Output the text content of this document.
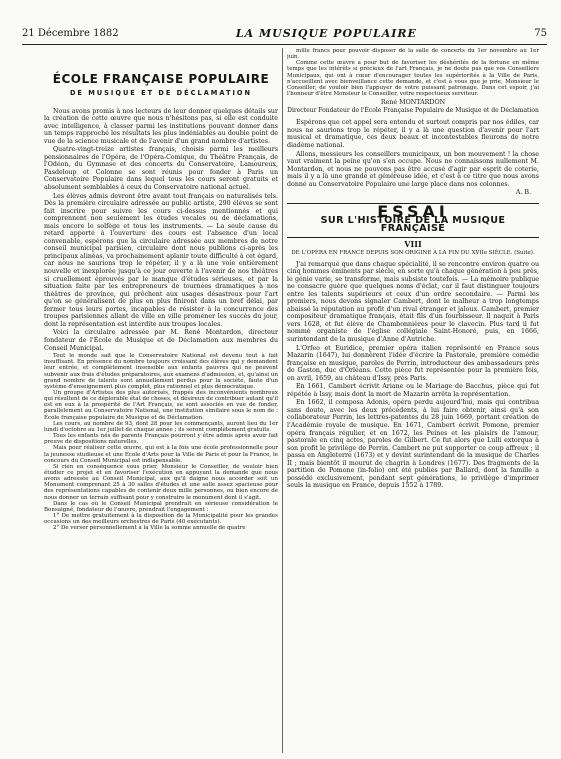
21 Décembre 1882	LA MUSIQUE POPULAIRE	75
ÉCOLE FRANÇAISE POPULAIRE
DE MUSIQUE ET DE DÉCLAMATION

Nous avons promis à nos lecteurs de leur donner quelques détails sur la création de cette œuvre que nous n'hésitons pas, si elle est conduite avec intelligence, à classer parmi les institutions pouvant donner dans un temps rapproché les résultats les plus indéniables au double point de vue de la science musicale et de l'avenir d'un grand nombre d'artistes.

Quatre-vingt-treize artistes français, choisis parmi les meilleurs pensionnaires de l'Opéra, de l'Opéra-Comique, du Théâtre Français, de l'Odéon, du Gymnase et des concerts du Conservatoire, Lamoureux, Pasdeloup et Colonne se sont réunis pour fonder à Paris un Conservatoire Populaire dans lequel tous les cours seront gratuits et absolument semblables à ceux du Conservatoire national actuel.

Les élèves admis devront être avant tout français ou naturalisés tels. Dès la première circulaire adressée au public artiste, 290 élèves se sont fait inscrire pour suivre les cours ci-dessus mentionnés et qui comprennent non seulement les études vocales ou de déclamations, mais encore le solfège et tous les instruments. — La seule cause du retard apporté à l'ouverture des cours est l'absence d'un local convenable, espérons que la circulaire adressée aux membres de notre conseil municipal parisien, circulaire dont nous publions ci-après les principaux alinéas, va prochainement aplanir toute difficulté à cet égard, car nous ne saurions trop le répéter, il y a là une voie entièrement nouvelle et inexplorée jusqu'à ce jour ouverte à l'avenir de nos théâtres si cruellement éprouvés par le manque d'études sérieuses, et par la situation faite par les entrepreneurs de tournées dramatiques à nos théâtres de province, qui prêchent aux usages désastreux pour l'art qu'on se généralisent de plus en plus finiront dans un bref délai, par fermer tous leurs portes, incapables de résister à la concurrence des troupes parisiennes allant de ville en ville promener les succès du jour, dont la représentation est interdite aux troupes locales.

Voici la circulaire adressée par M. René Montardon, directeur fondateur de l'École de Musique et de Déclamation aux membres du Conseil Municipal.

Tout le monde sait que le Conservatoire National est devenu tout à fait insuffisant. En présence du nombre toujours croissant des élèves qui y demandent leur entrée, et complètement insensible aux enfants pauvres qui ne peuvent subvenir aux frais d'études préparatoires, aux examens d'admission, et, qu'ainsi un grand nombre de talents sont annuellement perdus pour la société, faute d'un système d'enseignement plus complet, plus rationnel et plus démocratique.

Un groupe d'Artistes des plus autorisés, frappés des inconvénients nombreux qui résultent de ce déplorable état de choses, et désireux de contribuer autant qu'il est en eux à la prospérité de l'Art Français, se sont associés en vue de fonder, parallèlement au Conservatoire National, une institution similaire sous le nom de : École française populaire de Musique et de Déclamation.

Les cours, au nombre de 93, dont 28 pour les commençants, auront lieu du 1er lundi d'octobre au 1er juillet de chaque année ; ils seront complètement gratuits.

Tous les enfants nés de parents Français pourront y être admis après avoir fait preuve de dispositions naturelles.

Mais pour réaliser cette œuvre, qui est à la fois une école professionnelle pour la jeunesse studieuse et une École d'Arts pour la Ville de Paris et pour la France, le concours du Conseil Municipal est indispensable.

Si rien en conséquence vous prier, Monsieur le Conseiller, de vouloir bien étudier ce projet et en favoriser l'exécution en appuyant la demande que nous avons adressée au Conseil Municipal, aux qu'il daigne nous accorder soit un Monument comprenant 25 à 30 salles d'études et une salle assez spacieuse pour des représentations capables de contenir deux mille personnes, ou bien encore de nous donner un terrain suffisant pour y construire le monument dont il s'agit.

Dans le cas où le Conseil Municipal prendrait en sérieuse considération le Bonsaigné, fondateur de l'œuvre, prendrait l'engagement :

1° De mettre gratuitement à la disposition de la Municipalité pour les grandes occasions un des meilleurs orchestres de Paris (40 exécutants).

2° De verser personnellement à la Ville la somme annuelle de quatre

mille francs pour pouvoir disposer de la salle de concerts du 1er novembre au 1er juin.

Comme cette œuvre a pour but de favoriser les déshérités de la fortune en même temps que les intérêts si précieux de l'art Français, je ne doute pas que vos Conseillers Municipaux, qui ont à cœur d'encourager toutes les supériorités à la Ville de Paris, n'accueillent avec bienveillance cette demande, et c'est à vous que je prie, Monsieur le Conseiller, de vouloir bien l'appuyer de votre puissant patronage. Dans cet espoir, j'ai l'honneur d'être Monsieur le Conseiller, votre respectueux serviteur.

René MONTARDON
Directeur Fondateur de l'École Française Populaire de Musique et de Déclamation

Espérons que cet appel sera entendu et surtout compris par nos édiles, car nous ne saurions trop le répéter, il y a là une question d'avenir pour l'art musical et dramatique, ces deux beaux et incontestables fleurons de notre diadème national.

Allons, messieurs les conseillers municipaux, un bon mouvement ! la chose vaut vraiment la peine qu'on s'en occupe. Nous ne connaissons nullement M. Montardon, et nous ne pouvons pas être accusé d'agir par esprit de coterie, mais il y a là une grande et généreuse idée, et c'est à ce titre que nous avons donné au Conservatoire Populaire une large place dans nos colonnes.

A. B.
ESSAI
SUR L'HISTOIRE DE LA MUSIQUE FRANÇAISE
VIII
DE L'OPÉRA EN FRANCE DEPUIS SON ORIGINE À LA FIN DU XVIIe SIÈCLE. (Suite).

J'ai remarqué que dans chaque spécialité, il se rencontre environ quatre ou cinq hommes éminents par siècle, en sorte qu'à chaque génération à peu près, le génie varie, se transforme, mais subsiste toutefois. — La mémoire publique ne consacre guère que quelques noms d'éclat, car il faut distinguer toujours entre les talents supérieurs et ceux d'un ordre secondaire. — Parmi les premiers, nous devons signaler Cambert, dont le malheur a trop longtemps abaissé la réputation au profit d'un rival étranger et jaloux. Cambert, premier compositeur dramatique français, était fils d'un fourbisseur. Il naquit à Paris vers 1628, et fut élève de Chambonnières pour le clavecin. Plus tard il fut nommé organiste de l'église collégiale Saint-Honoré, puis, en 1666, surintendant de la musique d'Anne d'Autriche.

L'Orfeo et Euridice, premier opéra italien représenté en France sous Mazarin (1647), lui donnèrent l'idée d'écrire la Pastorale, première comédie française en musique, paroles de Perrin, introducteur des ambassadeurs près de Gaston, duc d'Orléans. Cette pièce fut représentée pour la première fois, en avril, 1659, au château d'Issy, près Paris.

En 1661, Cambert écrivit Ariane ou le Mariage de Bacchus, pièce qui fut répétée à Issy, mais dont la mort de Mazarin arrêta la représentation.

En 1662, il composa Adonis, opéra perdu aujourd'hui, mais qui contribua sans doute, avec les deux précédents, à lui faire obtenir, ainsi qu'à son collaborateur Perrin, les lettres-patentes du 28 juin 1669, portant création de l'Académie royale de musique. En 1671, Cambert écrivit Pomone, premier opéra français régulier, et en 1672, les Peines et les plaisirs de l'amour, pastorale en cinq actes, paroles de Gilbert. Ce fut alors que Lulli extorqua à son profit le privilège de Perrin. Cambert ne put supporter ce coup affreux ; il passa en Angleterre (1673) et y devint surintendant de la musique de Charles II ; mais bientôt il mourut de chagrin à Londres (1677). Des fragments de la partition de Pomone (in-folio) ont été publiés par Ballard, dont la famille a possédé exclusivement, pendant sept générations, le privilège d'imprimer seuls la musique en France, depuis 1552 à 1789.
